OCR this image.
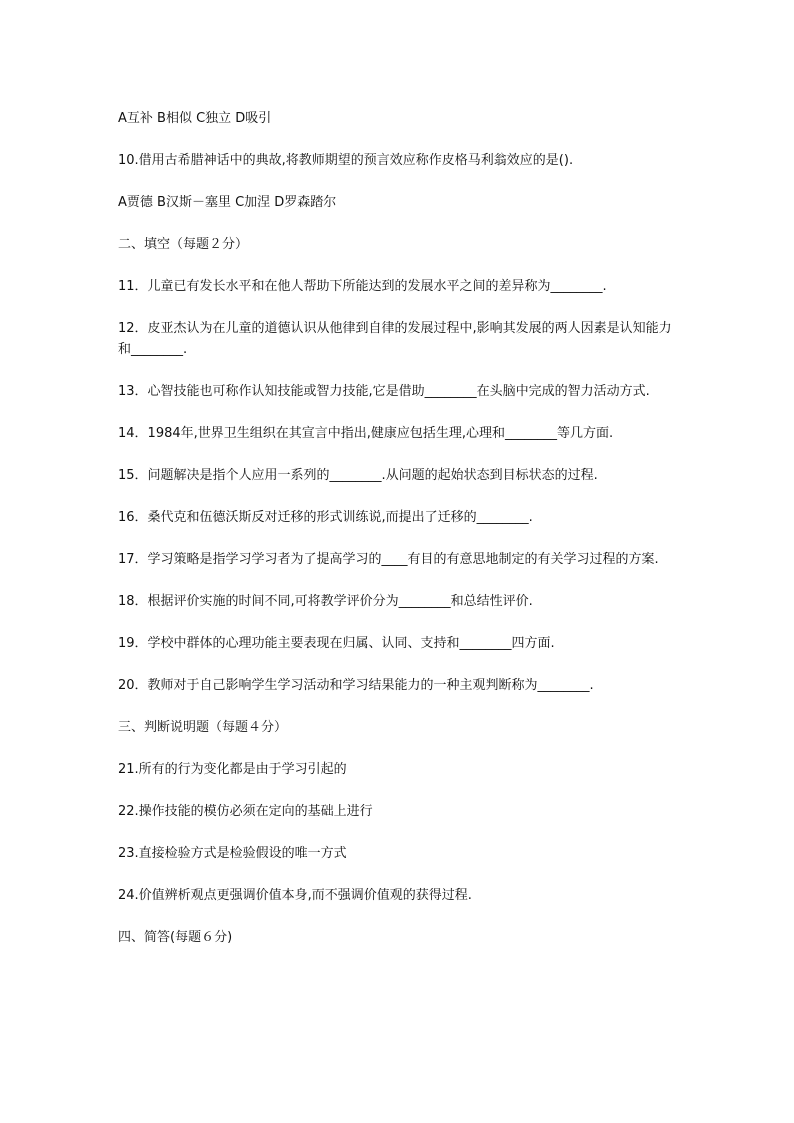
A互补 B相似 C独立 D吸引

10.借用古希腊神话中的典故,将教师期望的预言效应称作皮格马利翁效应的是().

A贾德 B汉斯－塞里 C加涅 D罗森踏尔

二、填空（每题２分）

11．儿童已有发长水平和在他人帮助下所能达到的发展水平之间的差异称为________.

12．皮亚杰认为在儿童的道德认识从他律到自律的发展过程中,影响其发展的两人因素是认知能力和________.

13．心智技能也可称作认知技能或智力技能,它是借助________在头脑中完成的智力活动方式.

14．1984年,世界卫生组织在其宣言中指出,健康应包括生理,心理和________等几方面.

15．问题解决是指个人应用一系列的________.从问题的起始状态到目标状态的过程.

16．桑代克和伍德沃斯反对迁移的形式训练说,而提出了迁移的________.

17．学习策略是指学习学习者为了提高学习的____有目的有意思地制定的有关学习过程的方案.

18．根据评价实施的时间不同,可将教学评价分为________和总结性评价.

19．学校中群体的心理功能主要表现在归属、认同、支持和________四方面.

20．教师对于自己影响学生学习活动和学习结果能力的一种主观判断称为________.

三、判断说明题（每题４分）

21.所有的行为变化都是由于学习引起的

22.操作技能的模仿必须在定向的基础上进行

23.直接检验方式是检验假设的唯一方式

24.价值辨析观点更强调价值本身,而不强调价值观的获得过程.

四、简答(每题６分)
